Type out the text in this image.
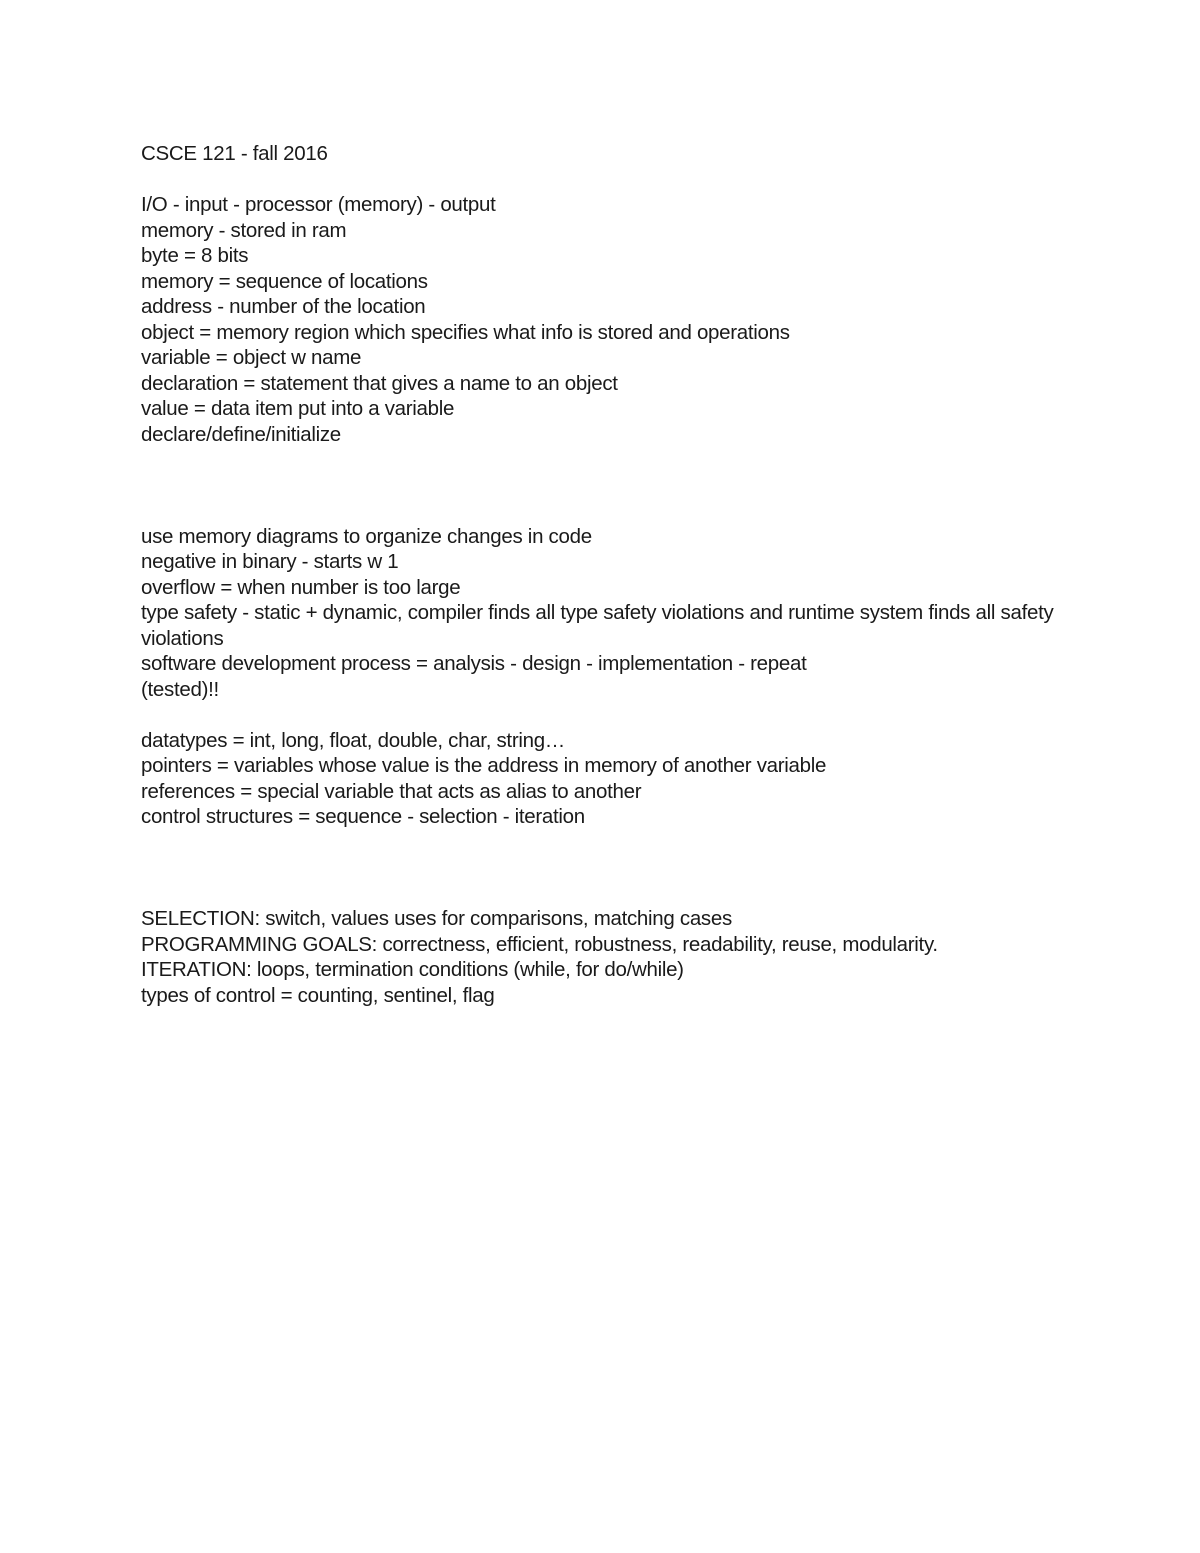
CSCE 121 - fall 2016
I/O - input - processor (memory) - output
memory - stored in ram
byte = 8 bits
memory = sequence of locations
address - number of the location
object = memory region which specifies what info is stored and operations
variable = object w name
declaration = statement that gives a name to an object
value = data item put into a variable
declare/define/initialize
use memory diagrams to organize changes in code
negative in binary - starts w 1
overflow = when number is too large
type safety - static + dynamic, compiler finds all type safety violations and runtime system finds all safety violations
software development process = analysis - design - implementation - repeat
(tested)!!
datatypes = int, long, float, double, char, string…
pointers = variables whose value is the address in memory of another variable
references = special variable that acts as alias to another
control structures = sequence - selection - iteration
SELECTION: switch, values uses for comparisons, matching cases
PROGRAMMING GOALS: correctness, efficient, robustness, readability, reuse, modularity.
ITERATION: loops, termination conditions (while, for do/while)
types of control = counting, sentinel, flag
